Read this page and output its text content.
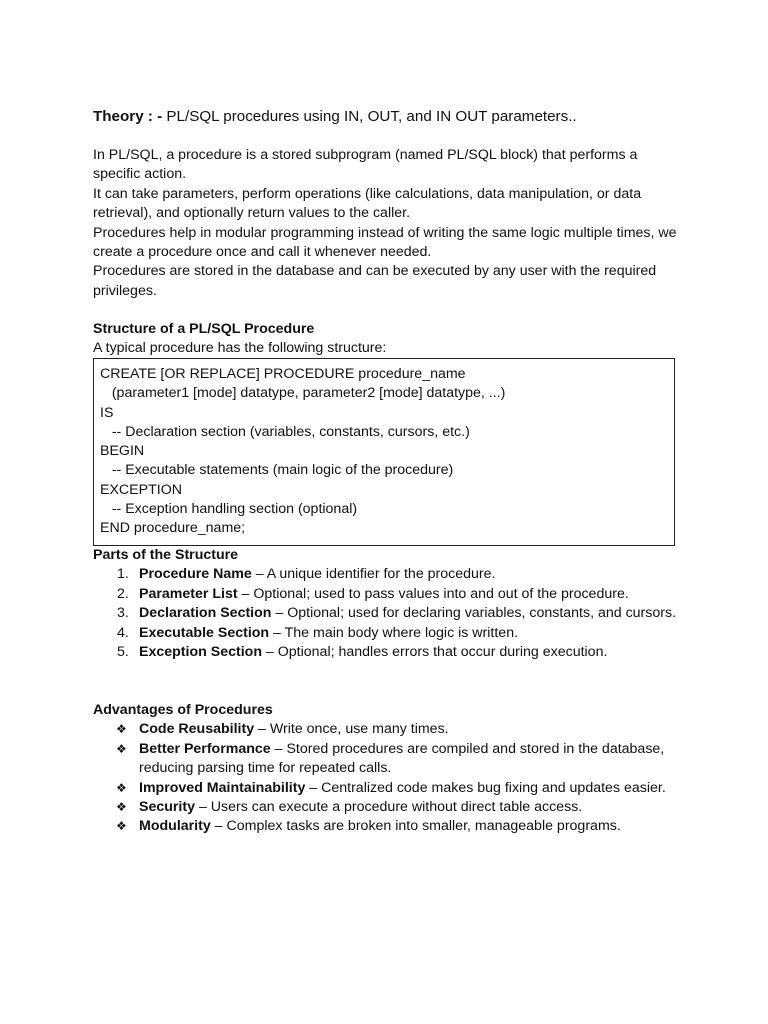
Theory : - PL/SQL procedures using IN, OUT, and IN OUT parameters..

In PL/SQL, a procedure is a stored subprogram (named PL/SQL block) that performs a specific action.

It can take parameters, perform operations (like calculations, data manipulation, or data retrieval), and optionally return values to the caller.

Procedures help in modular programming instead of writing the same logic multiple times, we create a procedure once and call it whenever needed.

Procedures are stored in the database and can be executed by any user with the required privileges.

Structure of a PL/SQL Procedure

A typical procedure has the following structure:

CREATE [OR REPLACE] PROCEDURE procedure_name
(parameter1 [mode] datatype, parameter2 [mode] datatype, ...)
IS
-- Declaration section (variables, constants, cursors, etc.)
BEGIN
-- Executable statements (main logic of the procedure)
EXCEPTION
-- Exception handling section (optional)
END procedure_name;

Parts of the Structure

1. Procedure Name – A unique identifier for the procedure.
2. Parameter List – Optional; used to pass values into and out of the procedure.
3. Declaration Section – Optional; used for declaring variables, constants, and cursors.
4. Executable Section – The main body where logic is written.
5. Exception Section – Optional; handles errors that occur during execution.

Advantages of Procedures

❖ Code Reusability – Write once, use many times.
❖ Better Performance – Stored procedures are compiled and stored in the database, reducing parsing time for repeated calls.
❖ Improved Maintainability – Centralized code makes bug fixing and updates easier.
❖ Security – Users can execute a procedure without direct table access.
❖ Modularity – Complex tasks are broken into smaller, manageable programs.
